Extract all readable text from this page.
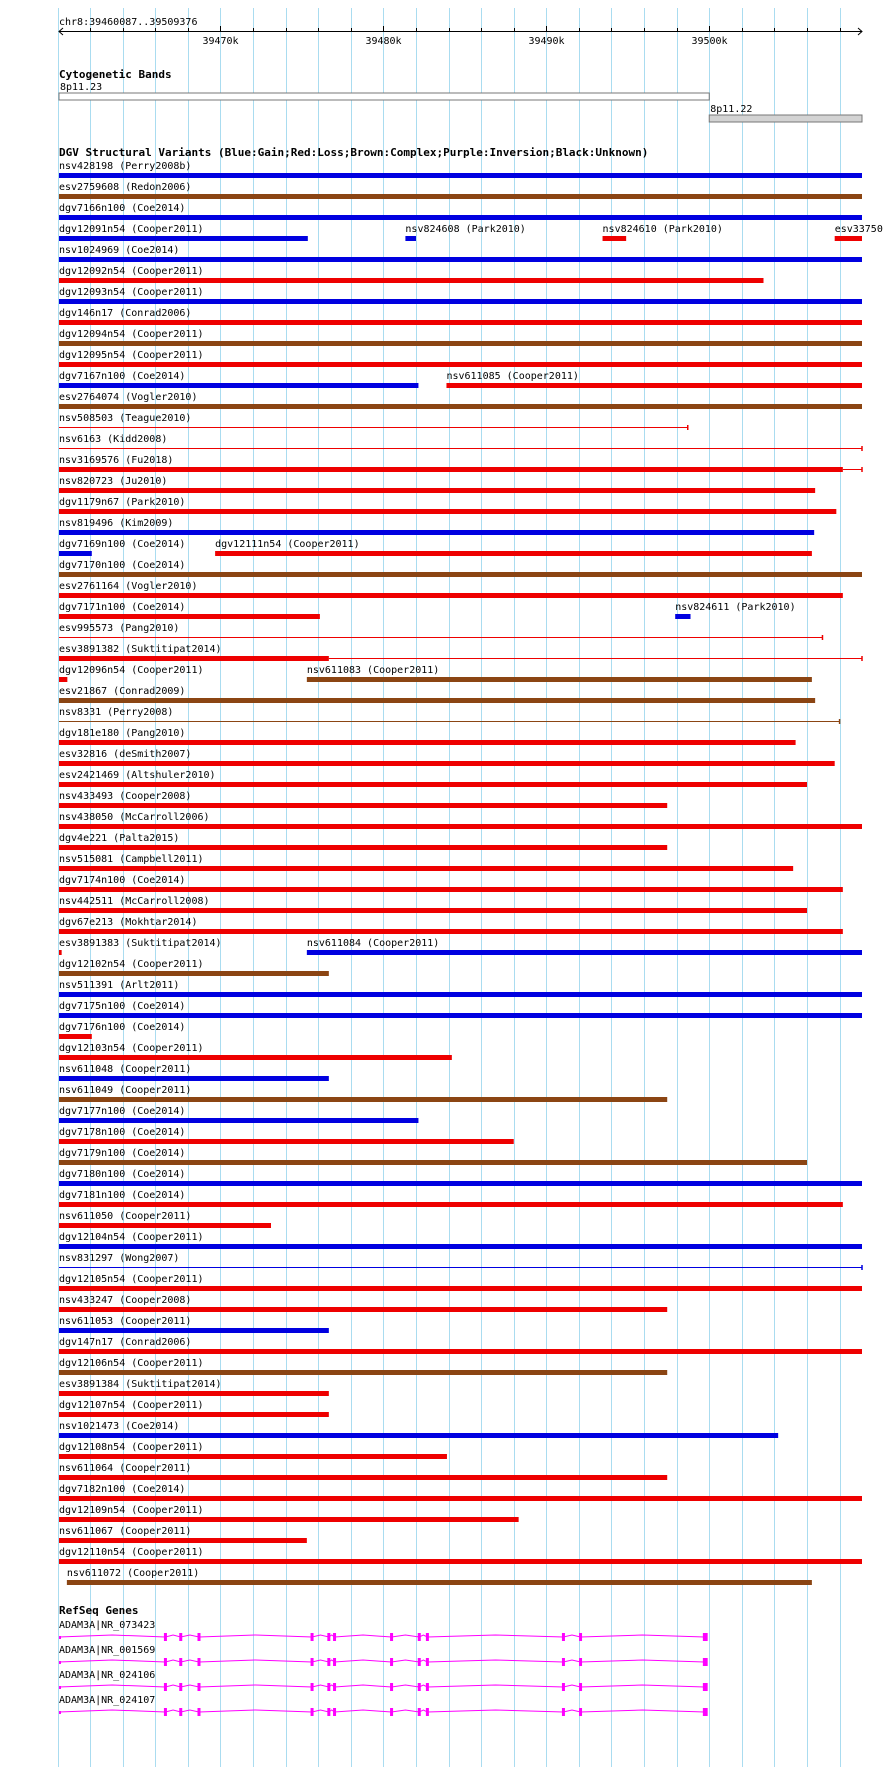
chr8:39460087..39509376
39470k	39480k	39490k	39500k
Cytogenetic Bands
8p11.23
8p11.22
DGV Structural Variants (Blue:Gain;Red:Loss;Brown:Complex;Purple:Inversion;Black:Unknown)
nsv428198 (Perry2008b)
esv2759608 (Redon2006)
dgv7166n100 (Coe2014)
dgv12091n54 (Cooper2011)	nsv824608 (Park2010)	nsv824610 (Park2010)	esv33750
nsv1024969 (Coe2014)
dgv12092n54 (Cooper2011)
dgv12093n54 (Cooper2011)
dgv146n17 (Conrad2006)
dgv12094n54 (Cooper2011)
dgv12095n54 (Cooper2011)
dgv7167n100 (Coe2014)	nsv611085 (Cooper2011)
esv2764074 (Vogler2010)
nsv508503 (Teague2010)
nsv6163 (Kidd2008)
nsv3169576 (Fu2018)
nsv820723 (Ju2010)
dgv1179n67 (Park2010)
nsv819496 (Kim2009)
dgv7169n100 (Coe2014)	dgv12111n54 (Cooper2011)
dgv7170n100 (Coe2014)
esv2761164 (Vogler2010)
dgv7171n100 (Coe2014)	nsv824611 (Park2010)
esv995573 (Pang2010)
esv3891382 (Suktitipat2014)
dgv12096n54 (Cooper2011)	nsv611083 (Cooper2011)
esv21867 (Conrad2009)
nsv8331 (Perry2008)
dgv181e180 (Pang2010)
esv32816 (deSmith2007)
esv2421469 (Altshuler2010)
nsv433493 (Cooper2008)
nsv438050 (McCarroll2006)
dgv4e221 (Palta2015)
nsv515081 (Campbell2011)
dgv7174n100 (Coe2014)
nsv442511 (McCarroll2008)
dgv67e213 (Mokhtar2014)
esv3891383 (Suktitipat2014)	nsv611084 (Cooper2011)
dgv12102n54 (Cooper2011)
nsv511391 (Arlt2011)
dgv7175n100 (Coe2014)
dgv7176n100 (Coe2014)
dgv12103n54 (Cooper2011)
nsv611048 (Cooper2011)
nsv611049 (Cooper2011)
dgv7177n100 (Coe2014)
dgv7178n100 (Coe2014)
dgv7179n100 (Coe2014)
dgv7180n100 (Coe2014)
dgv7181n100 (Coe2014)
nsv611050 (Cooper2011)
dgv12104n54 (Cooper2011)
nsv831297 (Wong2007)
dgv12105n54 (Cooper2011)
nsv433247 (Cooper2008)
nsv611053 (Cooper2011)
dgv147n17 (Conrad2006)
dgv12106n54 (Cooper2011)
esv3891384 (Suktitipat2014)
dgv12107n54 (Cooper2011)
nsv1021473 (Coe2014)
dgv12108n54 (Cooper2011)
nsv611064 (Cooper2011)
dgv7182n100 (Coe2014)
dgv12109n54 (Cooper2011)
nsv611067 (Cooper2011)
dgv12110n54 (Cooper2011)
nsv611072 (Cooper2011)
RefSeq Genes
ADAM3A|NR_073423
ADAM3A|NR_001569
ADAM3A|NR_024106
ADAM3A|NR_024107
